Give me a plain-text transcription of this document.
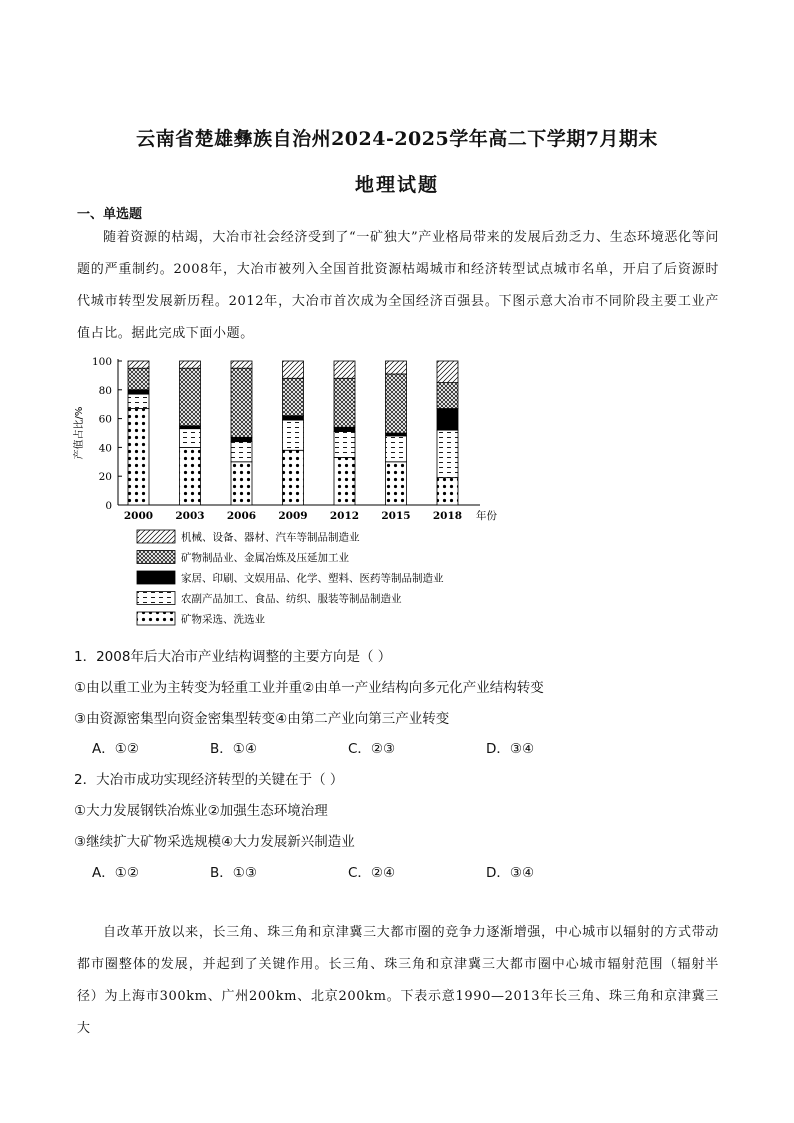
云南省楚雄彝族自治州2024-2025学年高二下学期7月期末
地理试题
一、单选题
随着资源的枯竭，大冶市社会经济受到了“一矿独大”产业格局带来的发展后劲乏力、生态环境恶化等问题的严重制约。2008年，大冶市被列入全国首批资源枯竭城市和经济转型试点城市名单，开启了后资源时代城市转型发展新历程。2012年，大冶市首次成为全国经济百强县。下图示意大冶市不同阶段主要工业产值占比。据此完成下面小题。
0
20
40
60
80
100
产值占比/%
2000 2003 2006 2009 2012 2015 2018 年份
机械、设备、器材、汽车等制品制造业
矿物制品业、金属冶炼及压延加工业
家居、印刷、文娱用品、化学、塑料、医药等制品制造业
农副产品加工、食品、纺织、服装等制品制造业
矿物采选、洗选业
1．2008年后大冶市产业结构调整的主要方向是（ ）
①由以重工业为主转变为轻重工业并重②由单一产业结构向多元化产业结构转变
③由资源密集型向资金密集型转变④由第二产业向第三产业转变
A．①②	B．①④	C．②③	D．③④
2．大冶市成功实现经济转型的关键在于（ ）
①大力发展钢铁冶炼业②加强生态环境治理
③继续扩大矿物采选规模④大力发展新兴制造业
A．①②	B．①③	C．②④	D．③④
自改革开放以来，长三角、珠三角和京津冀三大都市圈的竞争力逐渐增强，中心城市以辐射的方式带动都市圈整体的发展，并起到了关键作用。长三角、珠三角和京津冀三大都市圈中心城市辐射范围（辐射半径）为上海市300km、广州200km、北京200km。下表示意1990—2013年长三角、珠三角和京津冀三大
